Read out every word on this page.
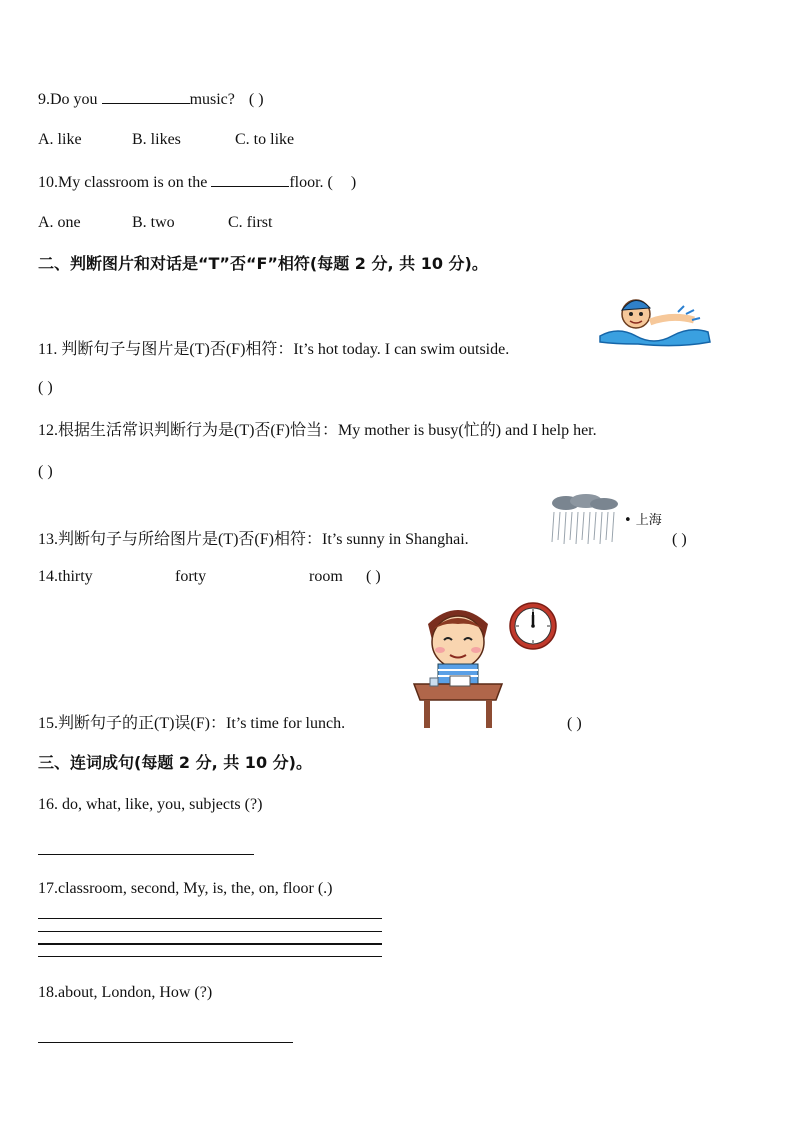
9.Do you	music? ( )
A. like	B. likes	C. to like
10.My classroom is on the	floor. ( )
A. one	B. two	C. first
二、判断图片和对话是“T”否“F”相符(每题 2 分, 共 10 分)。
11. 判断句子与图片是(T)否(F)相符：It’s hot today. I can swim outside.
( )
12.根据生活常识判断行为是(T)否(F)恰当：My mother is busy(忙的) and I help her.
( )
• 上海
13.判断句子与所给图片是(T)否(F)相符：It’s sunny in Shanghai.	( )
14.thirty	forty	room ( )
15.判断句子的正(T)误(F)：It’s time for lunch.	( )
三、连词成句(每题 2 分, 共 10 分)。
16. do, what, like, you, subjects (?)
17.classroom, second, My, is, the, on, floor (.)
18.about, London, How (?)
